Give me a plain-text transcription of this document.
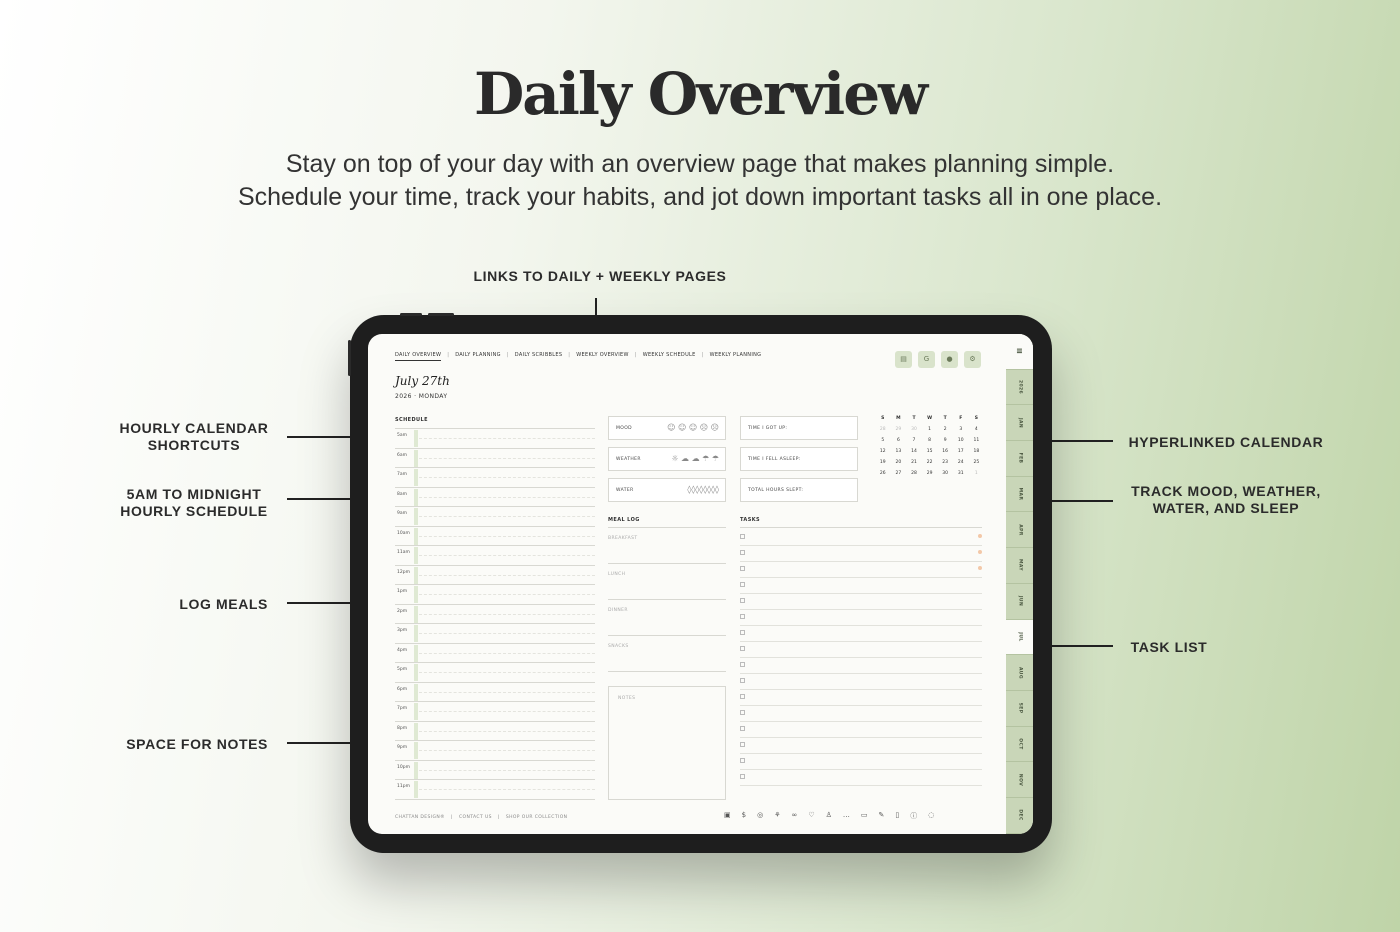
Daily Overview
Stay on top of your day with an overview page that makes planning simple.
Schedule your time, track your habits, and jot down important tasks all in one place.
LINKS TO DAILY + WEEKLY PAGES
HOURLY CALENDAR
SHORTCUTS
5AM TO MIDNIGHT
HOURLY SCHEDULE
LOG MEALS
SPACE FOR NOTES
HYPERLINKED CALENDAR
TRACK MOOD, WEATHER,
WATER, AND SLEEP
TASK LIST
DAILY OVERVIEW | DAILY PLANNING | DAILY SCRIBBLES | WEEKLY OVERVIEW | WEEKLY SCHEDULE | WEEKLY PLANNING	▤	G	●	⚙
July 27th
2026 · MONDAY
SCHEDULE
5am
6am
7am
8am
9am
10am
11am
12pm
1pm
2pm
3pm
4pm
5pm
6pm
7pm
8pm
9pm
10pm
11pm
MOOD	☺ ☺ ☺ ☹ ☹
WEATHER	☼ ☁ ☁ ☂ ☂
WATER	◊◊◊◊◊◊◊◊
TIME I GOT UP:
TIME I FELL ASLEEP:
TOTAL HOURS SLEPT:
S	M	T	W	T	F	S
28	29	30	1	2	3	4
5	6	7	8	9	10	11
12	13	14	15	16	17	18
19	20	21	22	23	24	25
26	27	28	29	30	31	1
MEAL LOG
BREAKFAST
LUNCH
DINNER
SNACKS
NOTES
TASKS
CHATTAN DESIGN® | CONTACT US | SHOP OUR COLLECTION	▣ $ ◎ ⚘ ∞ ♡ ♙ … ▭ ✎ ▯ ⓘ ◌
≡
2026
JAN
FEB
MAR
APR
MAY
JUN
JUL
AUG
SEP
OCT
NOV
DEC
